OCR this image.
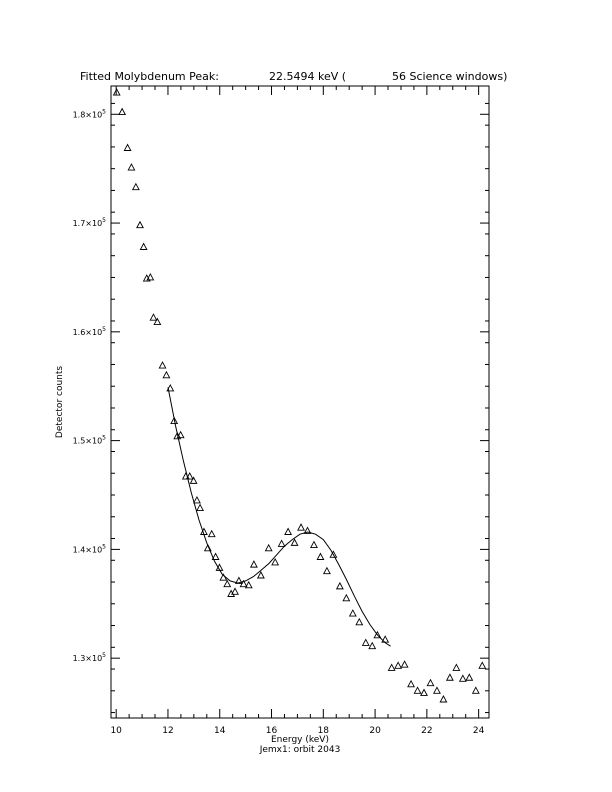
Fitted Molybdenum Peak:	22.5494 keV (	56 Science windows)
$1.3\times 10^5$
$1.4\times 10^5$
$1.5\times 10^5$
$1.6\times 10^5$
$1.7\times 10^5$
$1.8\times 10^5$
10	12	14	16	18	20	22	24
Energy (keV)
Jemx1: orbit 2043
Detector counts
